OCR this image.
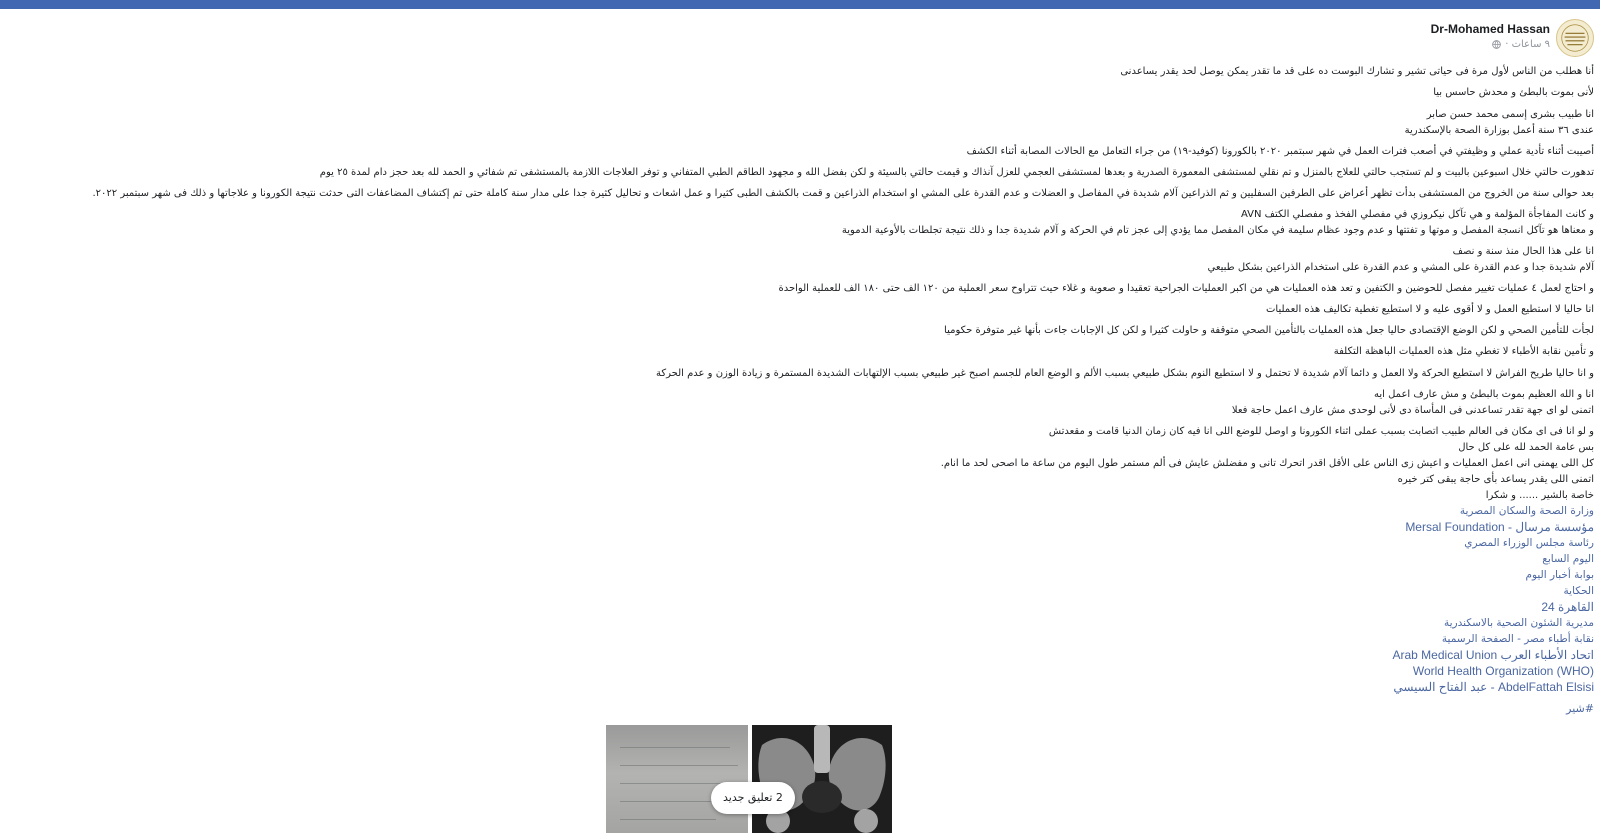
Dr-Mohamed Hassan
٩ ساعات ·
أنا هطلب من الناس لأول مرة فى حياتى تشير و تشارك البوست ده على قد ما تقدر يمكن يوصل لحد يقدر يساعدنى
لأنى بموت بالبطئ و محدش حاسس بيا
انا طبيب بشرى إسمى محمد حسن صابر
عندى ٣٦ سنة أعمل بوزارة الصحة بالإسكندرية
أصيبت أثناء تأدية عملي و وظيفتي في أصعب فترات العمل في شهر سبتمبر ٢٠٢٠ بالكورونا (كوفيد-١٩) من جراء التعامل مع الحالات المصابة أثناء الكشف
تدهورت حالتي خلال اسبوعين بالبيت و لم تستجب حالتي للعلاج بالمنزل و تم نقلي لمستشفى المعمورة الصدرية و بعدها لمستشفى العجمي للعزل آنذاك و قيمت حالتي بالسيئة و لكن بفضل الله و مجهود الطاقم الطبي المتفاني و توفر العلاجات اللازمة بالمستشفى تم شفائي و الحمد لله بعد حجز دام لمدة ٢٥ يوم
بعد حوالى سنة من الخروج من المستشفى بدأت تظهر أعراض على الطرفين السفليين و ثم الذراعين آلام شديدة في المفاصل و العضلات و عدم القدرة على المشي او استخدام الذراعين و قمت بالكشف الطبى كثيرا و عمل اشعات و تحاليل كثيرة جدا على مدار سنة كاملة حتى تم إكتشاف المضاعفات التى حدثت نتيجة الكورونا و علاجاتها و ذلك فى شهر سبتمبر ٢٠٢٢.
و كانت المفاجأة المؤلمة و هي تآكل نيكروزي في مفصلي الفخذ و مفصلي الكتف AVN
و معناها هو تآكل انسجة المفصل و موتها و تفتتها و عدم وجود عظام سليمة في مكان المفصل مما يؤدي إلى عجز تام في الحركة و آلام شديدة جدا و ذلك نتيجة تجلطات بالأوعية الدموية
انا على هذا الحال منذ سنة و نصف
آلام شديدة جدا و عدم القدرة على المشي و عدم القدرة على استخدام الذراعين بشكل طبيعي
و احتاج لعمل ٤ عمليات تغيير مفصل للحوضين و الكتفين و تعد هذه العمليات هي من اكبر العمليات الجراحية تعقيدا و صعوبة و غلاء حيث تتراوح سعر العملية من ١٢٠ الف حتى ١٨٠ الف للعملية الواحدة
انا حاليا لا استطيع العمل و لا أقوى عليه و لا استطيع تغطية تكاليف هذه العمليات
لجأت للتأمين الصحي و لكن الوضع الإقتصادى حاليا جعل هذه العمليات بالتأمين الصحي متوقفة و حاولت كثيرا و لكن كل الإجابات جاءت بأنها غير متوفرة حكوميا
و تأمين نقابة الأطباء لا تغطي مثل هذه العمليات الباهظة التكلفة
و انا حاليا طريح الفراش لا استطيع الحركة ولا العمل و دائما آلام شديدة لا تحتمل و لا استطيع النوم بشكل طبيعي بسبب الألم و الوضع العام للجسم اصبح غير طبيعي بسبب الإلتهابات الشديدة المستمرة و زيادة الوزن و عدم الحركة
انا و الله العظيم بموت بالبطئ و مش عارف اعمل ايه
اتمنى لو اى جهة تقدر تساعدنى فى المأساة دى لأنى لوحدى مش عارف اعمل حاجة فعلا
و لو انا فى اى مكان فى العالم طبيب اتصابت بسبب عملى اثناء الكورونا و اوصل للوضع اللى انا فيه كان زمان الدنيا قامت و مقعدتش
بس عامة الحمد لله على كل حال
كل اللى يهمنى انى اعمل العمليات و اعيش زى الناس على الأقل اقدر اتحرك تانى و مفضلش عايش فى ألم مستمر طول اليوم من ساعة ما اصحى لحد ما انام.
اتمنى اللى يقدر يساعد بأى حاجة يبقى كتر خيره
خاصة بالشير ...... و شكرا
وزارة الصحة والسكان المصرية
مؤسسة مرسال - Mersal Foundation
رئاسة مجلس الوزراء المصري
اليوم السابع
بوابة أخبار اليوم
الحكاية
القاهرة 24
مديرية الشئون الصحية بالاسكندرية
نقابة أطباء مصر - الصفحة الرسمية
اتحاد الأطباء العرب Arab Medical Union
World Health Organization (WHO)
AbdelFattah Elsisi - عبد الفتاح السيسي
#شير
2 تعليق جديد
